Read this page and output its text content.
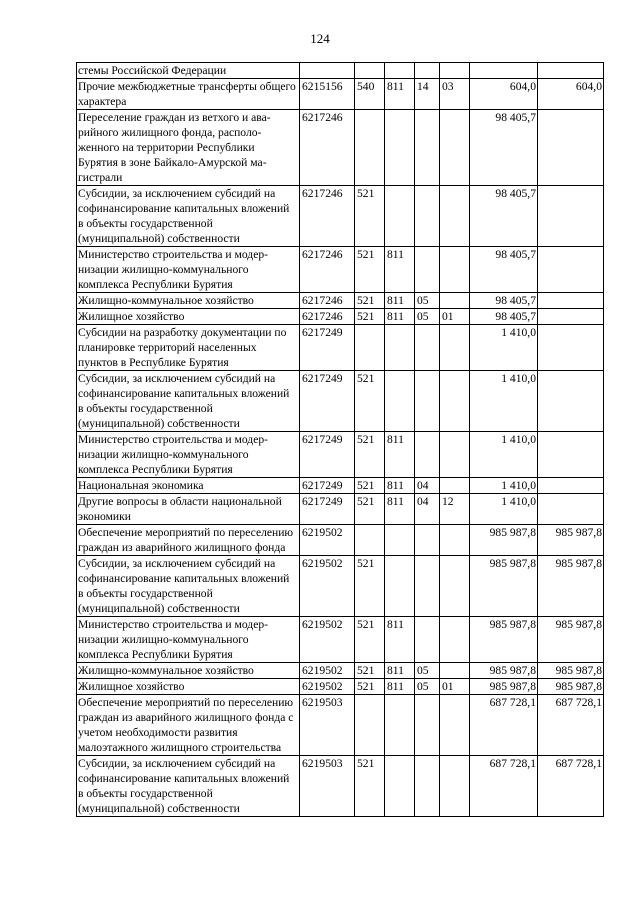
124
стемы Российской Федерации							
Прочие межбюджетные трансферты общего характера	6215156	540	811	14	03	604,0	604,0
Переселение граждан из ветхого и аварийного жилищного фонда, расположенного на территории Республики Бурятия в зоне Байкало-Амурской магистрали	6217246					98 405,7	
Субсидии, за исключением субсидий на софинансирование капитальных вложений в объекты государственной (муниципальной) собственности	6217246	521				98 405,7	
Министерство строительства и модернизации жилищно-коммунального комплекса Республики Бурятия	6217246	521	811			98 405,7	
Жилищно-коммунальное хозяйство	6217246	521	811	05		98 405,7	
Жилищное хозяйство	6217246	521	811	05	01	98 405,7	
Субсидии на разработку документации по планировке территорий населенных пунктов в Республике Бурятия	6217249					1 410,0	
Субсидии, за исключением субсидий на софинансирование капитальных вложений в объекты государственной (муниципальной) собственности	6217249	521				1 410,0	
Министерство строительства и модернизации жилищно-коммунального комплекса Республики Бурятия	6217249	521	811			1 410,0	
Национальная экономика	6217249	521	811	04		1 410,0	
Другие вопросы в области национальной экономики	6217249	521	811	04	12	1 410,0	
Обеспечение мероприятий по переселению граждан из аварийного жилищного фонда	6219502					985 987,8	985 987,8
Субсидии, за исключением субсидий на софинансирование капитальных вложений в объекты государственной (муниципальной) собственности	6219502	521				985 987,8	985 987,8
Министерство строительства и модернизации жилищно-коммунального комплекса Республики Бурятия	6219502	521	811			985 987,8	985 987,8
Жилищно-коммунальное хозяйство	6219502	521	811	05		985 987,8	985 987,8
Жилищное хозяйство	6219502	521	811	05	01	985 987,8	985 987,8
Обеспечение мероприятий по переселению граждан из аварийного жилищного фонда с учетом необходимости развития малоэтажного жилищного строительства	6219503					687 728,1	687 728,1
Субсидии, за исключением субсидий на софинансирование капитальных вложений в объекты государственной (муниципальной) собственности	6219503	521				687 728,1	687 728,1
